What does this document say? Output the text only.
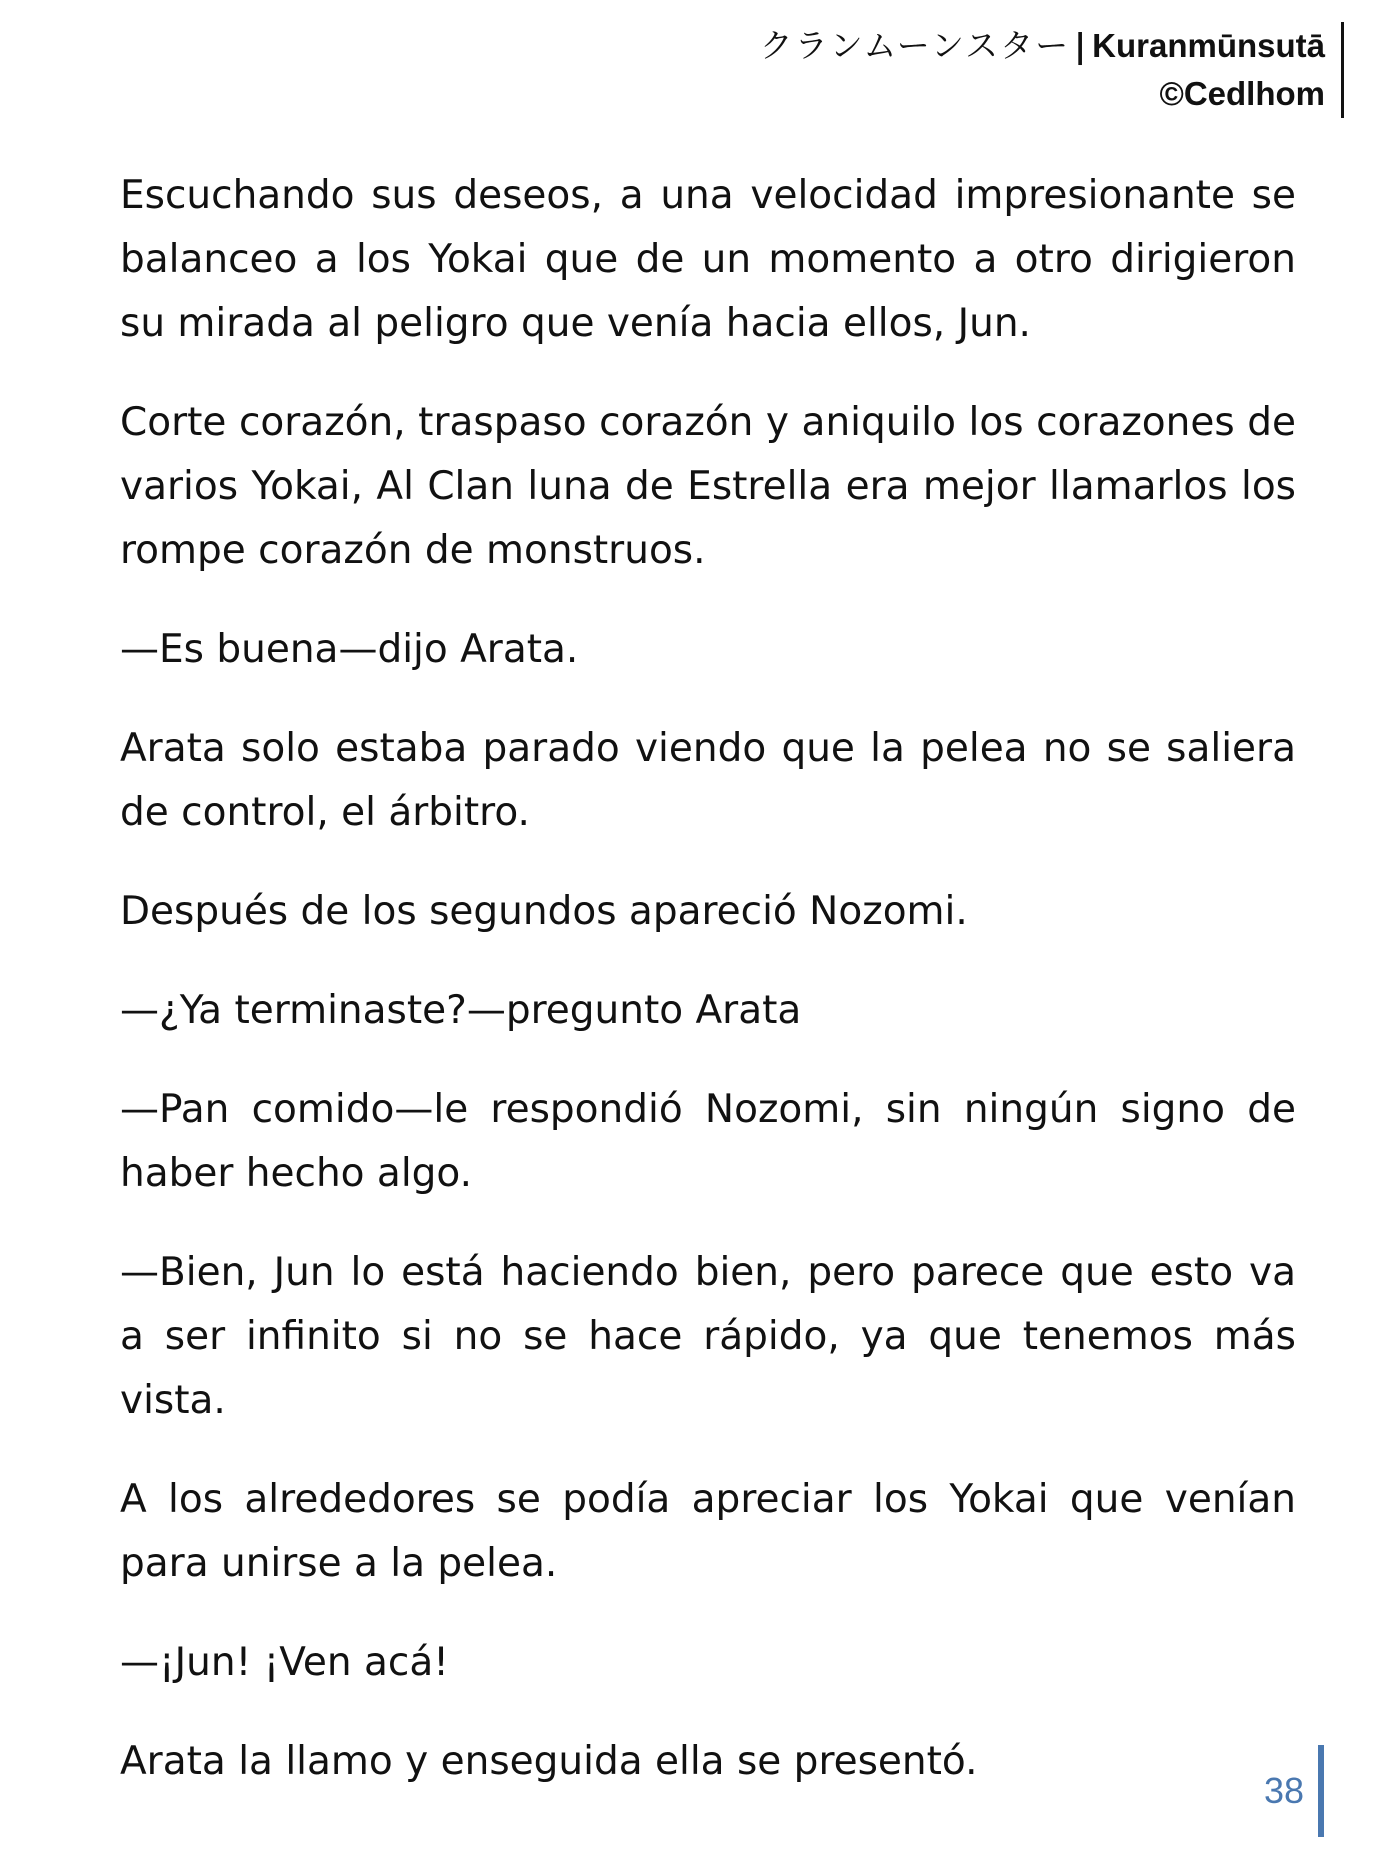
クランムーンスター | Kuranmūnsutā
©Cedlhom

Escuchando sus deseos, a una velocidad impresionante se balanceo a los Yokai que de un momento a otro dirigieron su mirada al peligro que venía hacia ellos, Jun.

Corte corazón, traspaso corazón y aniquilo los corazones de varios Yokai, Al Clan luna de Estrella era mejor llamarlos los rompe corazón de monstruos.

—Es buena—dijo Arata.

Arata solo estaba parado viendo que la pelea no se saliera de control, el árbitro.

Después de los segundos apareció Nozomi.

—¿Ya terminaste?—pregunto Arata

—Pan comido—le respondió Nozomi, sin ningún signo de haber hecho algo.

—Bien, Jun lo está haciendo bien, pero parece que esto va a ser infinito si no se hace rápido, ya que tenemos más vista.

A los alrededores se podía apreciar los Yokai que venían para unirse a la pelea.

—¡Jun! ¡Ven acá!

Arata la llamo y enseguida ella se presentó.

38
